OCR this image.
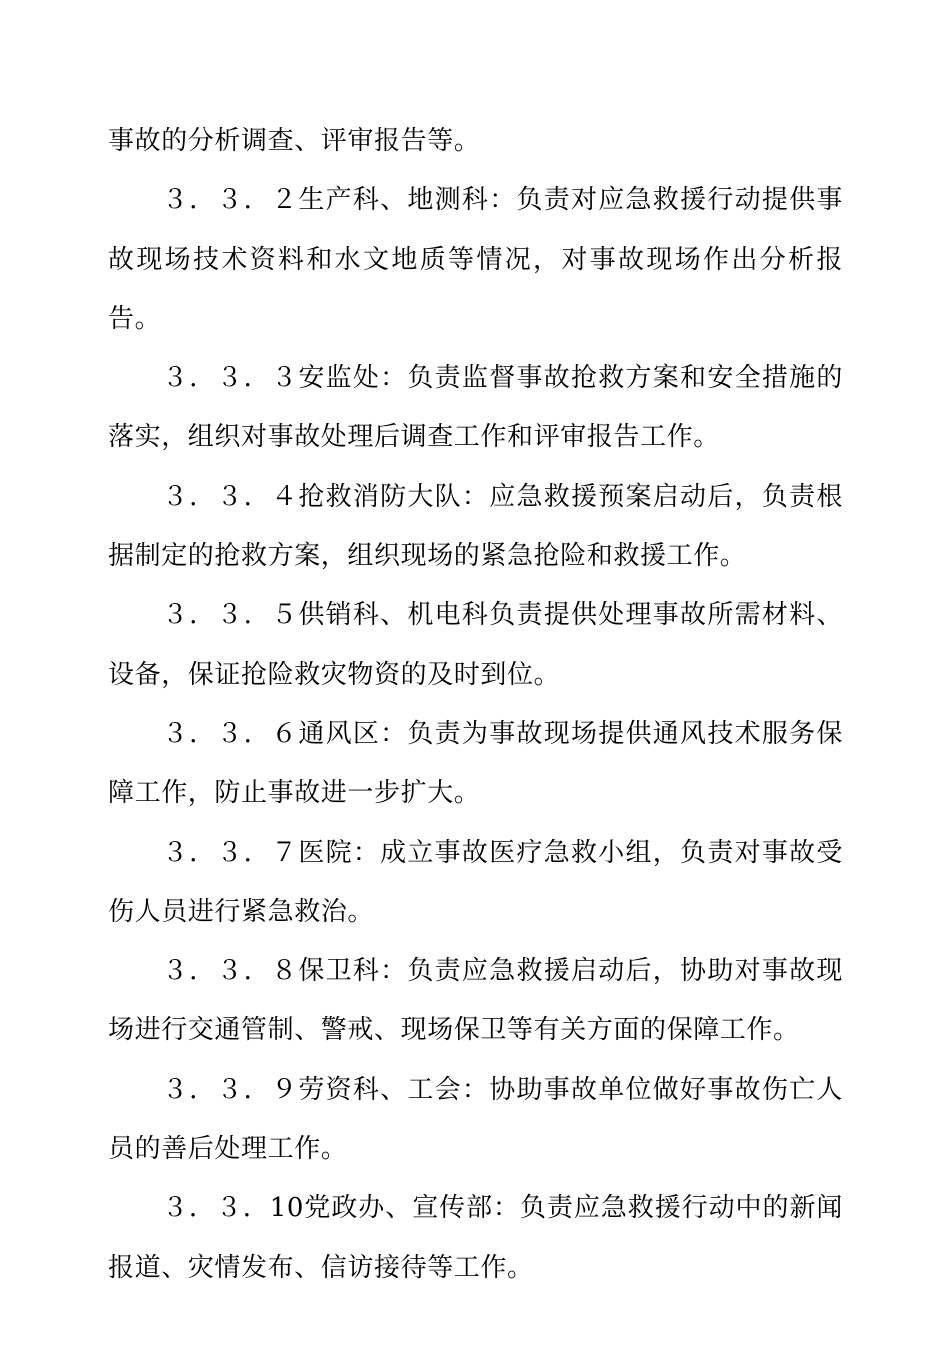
事故的分析调查、评审报告等。

３．３．２生产科、地测科：负责对应急救援行动提供事故现场技术资料和水文地质等情况，对事故现场作出分析报告。

３．３．３安监处：负责监督事故抢救方案和安全措施的落实，组织对事故处理后调查工作和评审报告工作。

３．３．４抢救消防大队：应急救援预案启动后，负责根据制定的抢救方案，组织现场的紧急抢险和救援工作。

３．３．５供销科、机电科负责提供处理事故所需材料、设备，保证抢险救灾物资的及时到位。

３．３．６通风区：负责为事故现场提供通风技术服务保障工作，防止事故进一步扩大。

３．３．７医院：成立事故医疗急救小组，负责对事故受伤人员进行紧急救治。

３．３．８保卫科：负责应急救援启动后，协助对事故现场进行交通管制、警戒、现场保卫等有关方面的保障工作。

３．３．９劳资科、工会：协助事故单位做好事故伤亡人员的善后处理工作。

３．３．10党政办、宣传部：负责应急救援行动中的新闻报道、灾情发布、信访接待等工作。
